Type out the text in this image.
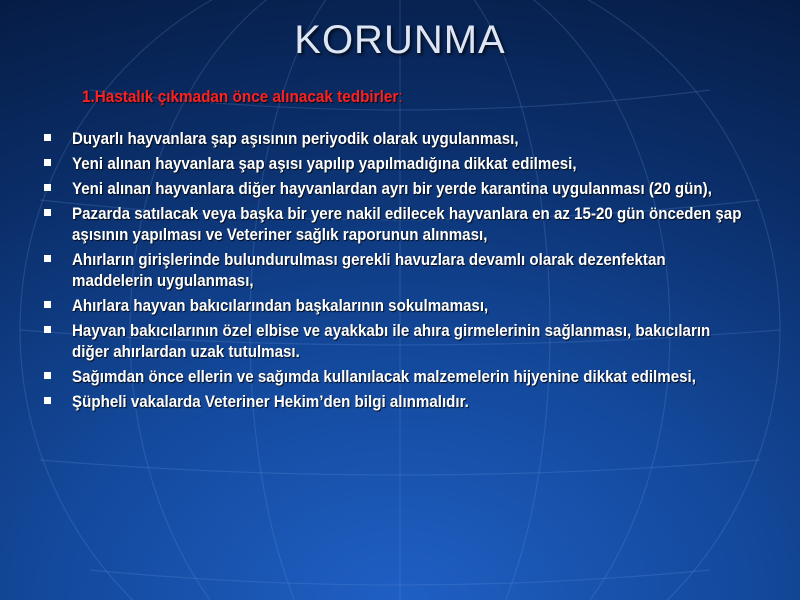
KORUNMA
1.Hastalık çıkmadan önce alınacak tedbirler:
Duyarlı hayvanlara şap aşısının periyodik olarak uygulanması,
Yeni alınan hayvanlara şap aşısı yapılıp yapılmadığına dikkat edilmesi,
Yeni alınan hayvanlara diğer hayvanlardan ayrı bir yerde karantina uygulanması (20 gün),
Pazarda satılacak veya başka bir yere nakil edilecek hayvanlara en az 15-20 gün önceden şap aşısının yapılması ve Veteriner sağlık raporunun alınması,
Ahırların girişlerinde bulundurulması gerekli havuzlara devamlı olarak dezenfektan maddelerin uygulanması,
Ahırlara hayvan bakıcılarından başkalarının sokulmaması,
Hayvan bakıcılarının özel elbise ve ayakkabı ile ahıra girmelerinin sağlanması, bakıcıların diğer ahırlardan uzak tutulması.
Sağımdan önce ellerin ve sağımda kullanılacak malzemelerin hijyenine dikkat edilmesi,
Şüpheli vakalarda Veteriner Hekim’den bilgi alınmalıdır.
